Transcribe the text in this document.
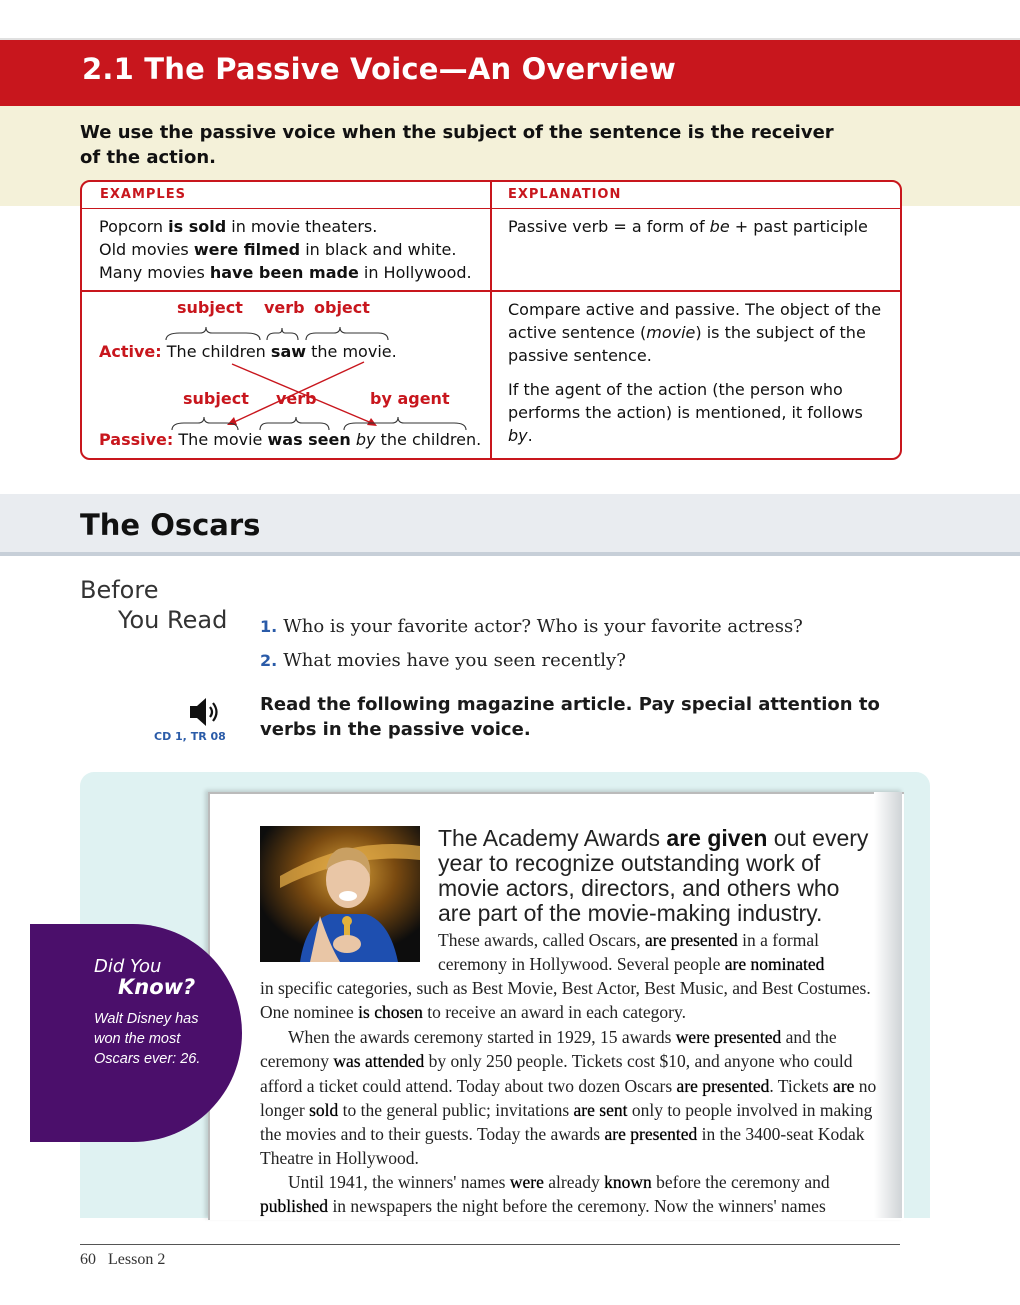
2.1 The Passive Voice—An Overview
We use the passive voice when the subject of the sentence is the receiver of the action.
EXAMPLES	EXPLANATION
Popcorn is sold in movie theaters.
Old movies were filmed in black and white.
Many movies have been made in Hollywood.
Passive verb = a form of be + past participle
subject verb object
Active: The children saw the movie.
subject verb	by agent
Passive: The movie was seen by the children.
Compare active and passive. The object of the active sentence (movie) is the subject of the passive sentence.
If the agent of the action (the person who performs the action) is mentioned, it follows by.
The Oscars
Before
You Read 1. Who is your favorite actor? Who is your favorite actress?
2. What movies have you seen recently?
CD 1, TR 08
Read the following magazine article. Pay special attention to verbs in the passive voice.
The Academy Awards are given out every year to recognize outstanding work of movie actors, directors, and others who are part of the movie-making industry.
These awards, called Oscars, are presented in a formal ceremony in Hollywood. Several people are nominated
in specific categories, such as Best Movie, Best Actor, Best Music, and Best Costumes. One nominee is chosen to receive an award in each category.
When the awards ceremony started in 1929, 15 awards were presented and the ceremony was attended by only 250 people. Tickets cost $10, and anyone who could afford a ticket could attend. Today about two dozen Oscars are presented. Tickets are no longer sold to the general public; invitations are sent only to people involved in making the movies and to their guests. Today the awards are presented in the 3400-seat Kodak Theatre in Hollywood.
Until 1941, the winners' names were already known before the ceremony and published in newspapers the night before the ceremony. Now the winners' names
Did You
Know?
Walt Disney has won the most Oscars ever: 26.
60 Lesson 2
